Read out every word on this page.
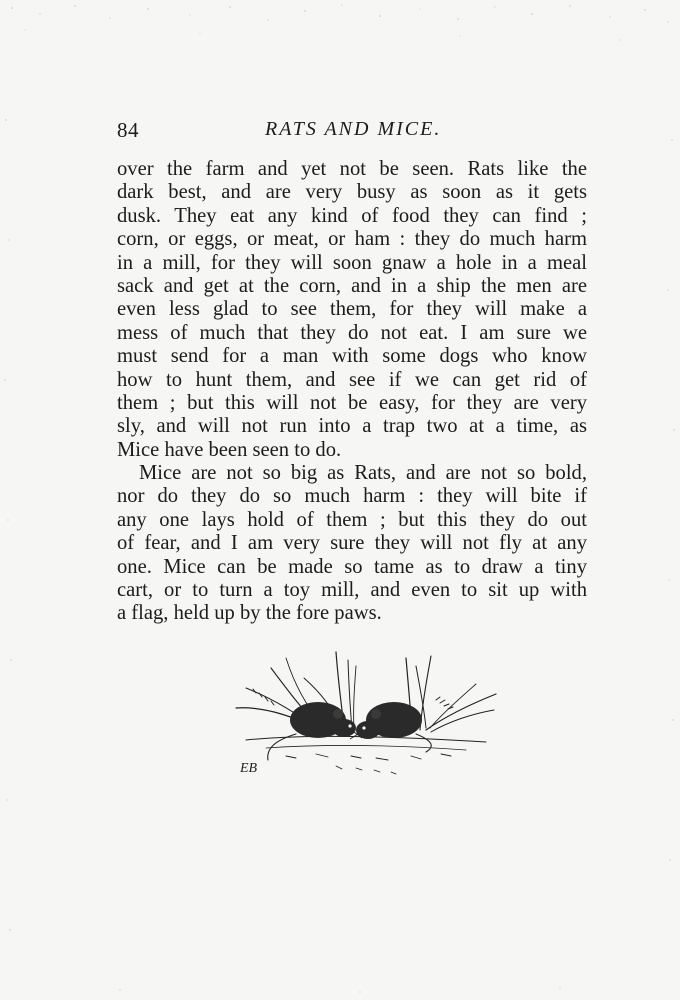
84	RATS AND MICE.
over the farm and yet not be seen. Rats like the
dark best, and are very busy as soon as it gets
dusk. They eat any kind of food they can find ;
corn, or eggs, or meat, or ham : they do much harm
in a mill, for they will soon gnaw a hole in a meal
sack and get at the corn, and in a ship the men are
even less glad to see them, for they will make a
mess of much that they do not eat. I am sure we
must send for a man with some dogs who know
how to hunt them, and see if we can get rid of
them ; but this will not be easy, for they are very
sly, and will not run into a trap two at a time, as
Mice have been seen to do.
Mice are not so big as Rats, and are not so bold,
nor do they do so much harm : they will bite if
any one lays hold of them ; but this they do out
of fear, and I am very sure they will not fly at any
one. Mice can be made so tame as to draw a tiny
cart, or to turn a toy mill, and even to sit up with
a flag, held up by the fore paws.
EB
